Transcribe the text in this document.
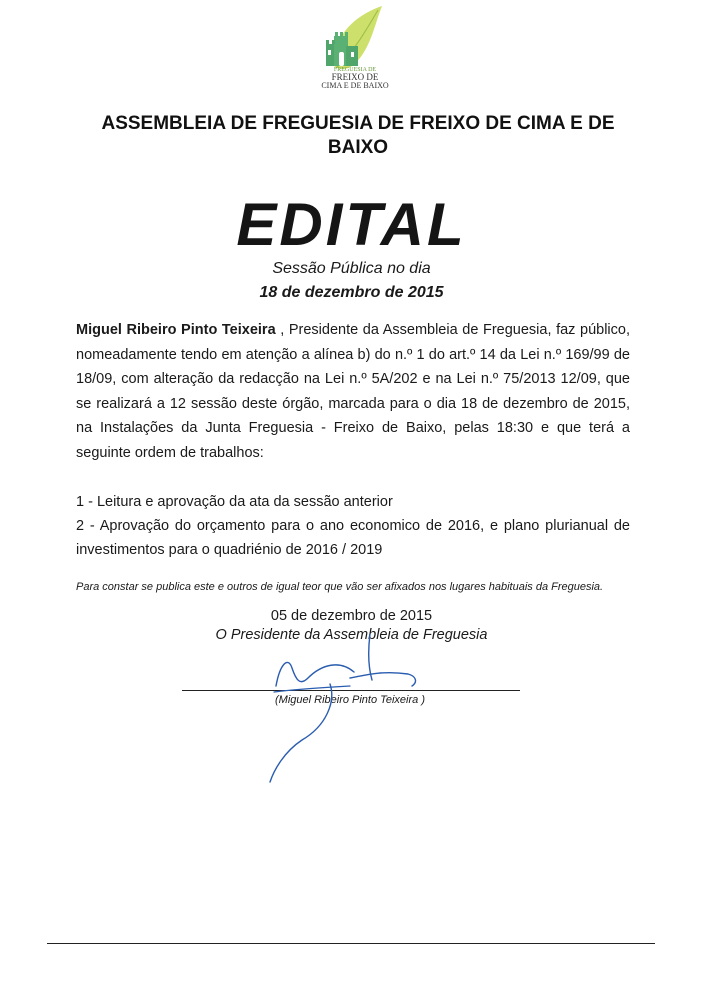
FREGUESIA DE
FREIXO DE
CIMA E DE BAIXO
ASSEMBLEIA DE FREGUESIA DE FREIXO DE CIMA E DE BAIXO
EDITAL
Sessão Pública no dia
18 de dezembro de 2015
Miguel Ribeiro Pinto Teixeira , Presidente da Assembleia de Freguesia, faz público, nomeadamente tendo em atenção a alínea b) do n.º 1 do art.º 14 da Lei n.º 169/99 de 18/09, com alteração da redacção na Lei n.º 5A/202 e na Lei n.º 75/2013 12/09, que se realizará a 12 sessão deste órgão, marcada para o dia 18 de dezembro de 2015, na Instalações da Junta Freguesia - Freixo de Baixo, pelas 18:30 e que terá a seguinte ordem de trabalhos:
1 - Leitura e aprovação da ata da sessão anterior
2 - Aprovação do orçamento para o ano economico de 2016, e plano plurianual de investimentos para o quadriénio de 2016 / 2019
Para constar se publica este e outros de igual teor que vão ser afixados nos lugares habituais da Freguesia.
05 de dezembro de 2015
O Presidente da Assembleia de Freguesia
(Miguel Ribeiro Pinto Teixeira )
